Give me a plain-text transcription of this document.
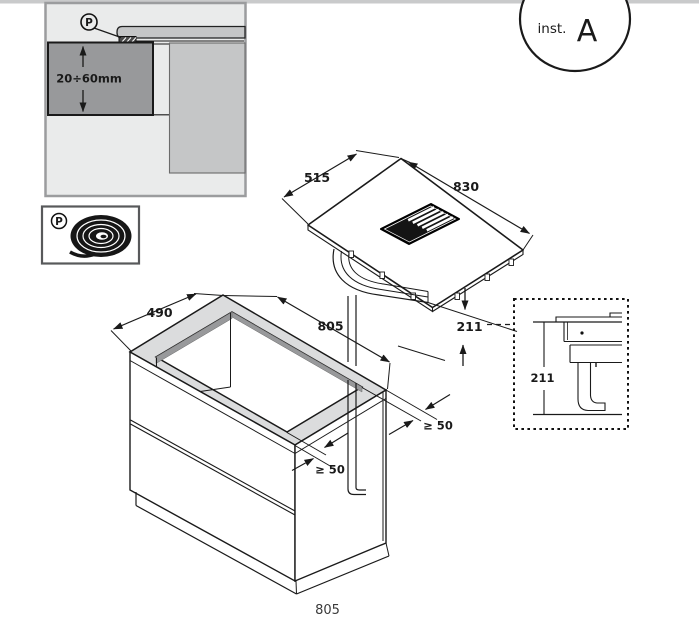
20÷60mm
P
P
inst. A
490
805
≥ 50
≥ 50
515
830
211
211
805
